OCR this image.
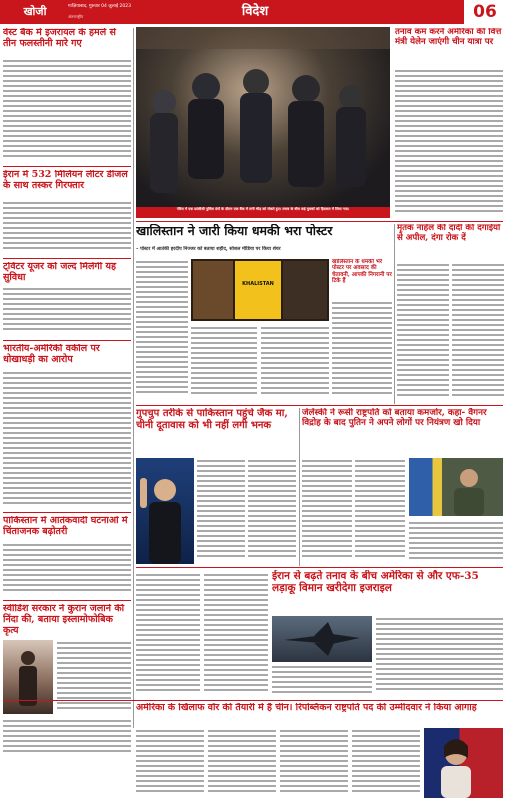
खोजी	गाज़ियाबाद, गुरुवार 04 जुलाई 2023
अंतरराष्ट्रीय	विदेश	06
वेस्ट बैंक में इजरायल के हमले से तीन फलस्तीनी मारे गए
ईरान में 532 मिलियन लीटर डीजल के साथ तस्कर गिरफ्तार
ट्विटर यूजर को जल्द मिलेगी यह सुविधा
भारतीय-अमेरिकी वकील पर धोखाधड़ी का आरोप
पाकिस्तान में आतंकवादी घटनाओं में चिंताजनक बढ़ोतरी
स्वीडिश सरकार ने कुरान जलाने की निंदा की, बताया इस्लामोफोबिक कृत्य
पेरिस में एक फ्रांसीसी पुलिस दंगों के दौरान एक बैंक में लगी भीड़ को रोकते हुए। तनाव के बीच कई युवकों को हिरासत में लिया गया।
तनाव कम करने अमेरिका की वित्त मंत्री येलेन जाएंगी चीन यात्रा पर
खालिस्तान ने जारी किया धमकी भरा पोस्टर
– पोस्टर में आतंकी हरदीप निज्जर को बताया शहीद, सोशल मीडिया पर किया शेयर
KHALISTAN
खालिस्तान के धमकी भरे पोस्टर पर अवसाद की चेतावनी, आपकी निगरानी पर टिके हैं
मृतक नाहेल की दादी की दंगाईयों से अपील, दंगा रोक दें
गुपचुप तरीके से पाकिस्तान पहुंचे जैक मा, चीनी दूतावास को भी नहीं लगी भनक
जेलेंस्की ने रूसी राष्ट्रपति को बताया कमजोर, कहा- वैगनर विद्रोह के बाद पुतिन ने अपने लोगों पर नियंत्रण खो दिया
ईरान से बढ़ते तनाव के बीच अमेरिका से और एफ-35 लड़ाकू विमान खरीदेगा इजराइल
अमेरिका के खिलाफ वॉर की तैयारी में है चीन। रिपब्लिकन राष्ट्रपति पद की उम्मीदवार ने किया आगाह
